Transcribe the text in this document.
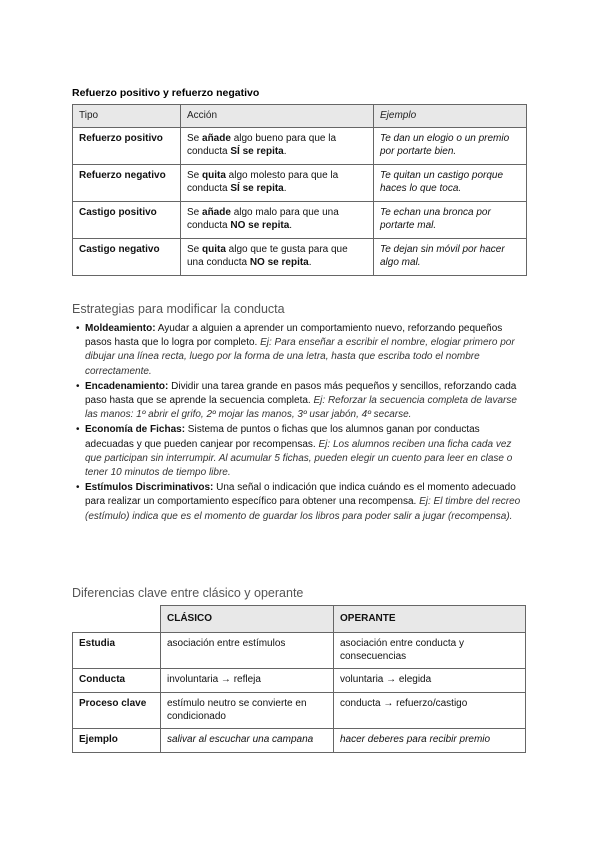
Refuerzo positivo y refuerzo negativo
Tipo	Acción	Ejemplo
Refuerzo positivo	Se añade algo bueno para que la conducta SÍ se repita.	Te dan un elogio o un premio por portarte bien.
Refuerzo negativo	Se quita algo molesto para que la conducta SÍ se repita.	Te quitan un castigo porque haces lo que toca.
Castigo positivo	Se añade algo malo para que una conducta NO se repita.	Te echan una bronca por portarte mal.
Castigo negativo	Se quita algo que te gusta para que una conducta NO se repita.	Te dejan sin móvil por hacer algo mal.
Estrategias para modificar la conducta
• Moldeamiento: Ayudar a alguien a aprender un comportamiento nuevo, reforzando pequeños pasos hasta que lo logra por completo. Ej: Para enseñar a escribir el nombre, elogiar primero por dibujar una línea recta, luego por la forma de una letra, hasta que escriba todo el nombre correctamente.
• Encadenamiento: Dividir una tarea grande en pasos más pequeños y sencillos, reforzando cada paso hasta que se aprende la secuencia completa. Ej: Reforzar la secuencia completa de lavarse las manos: 1º abrir el grifo, 2º mojar las manos, 3º usar jabón, 4º secarse.
• Economía de Fichas: Sistema de puntos o fichas que los alumnos ganan por conductas adecuadas y que pueden canjear por recompensas. Ej: Los alumnos reciben una ficha cada vez que participan sin interrumpir. Al acumular 5 fichas, pueden elegir un cuento para leer en clase o tener 10 minutos de tiempo libre.
• Estímulos Discriminativos: Una señal o indicación que indica cuándo es el momento adecuado para realizar un comportamiento específico para obtener una recompensa. Ej: El timbre del recreo (estímulo) indica que es el momento de guardar los libros para poder salir a jugar (recompensa).
Diferencias clave entre clásico y operante
	CLÁSICO	OPERANTE
Estudia	asociación entre estímulos	asociación entre conducta y consecuencias
Conducta	involuntaria → refleja	voluntaria → elegida
Proceso clave	estímulo neutro se convierte en condicionado	conducta → refuerzo/castigo
Ejemplo	salivar al escuchar una campana	hacer deberes para recibir premio
